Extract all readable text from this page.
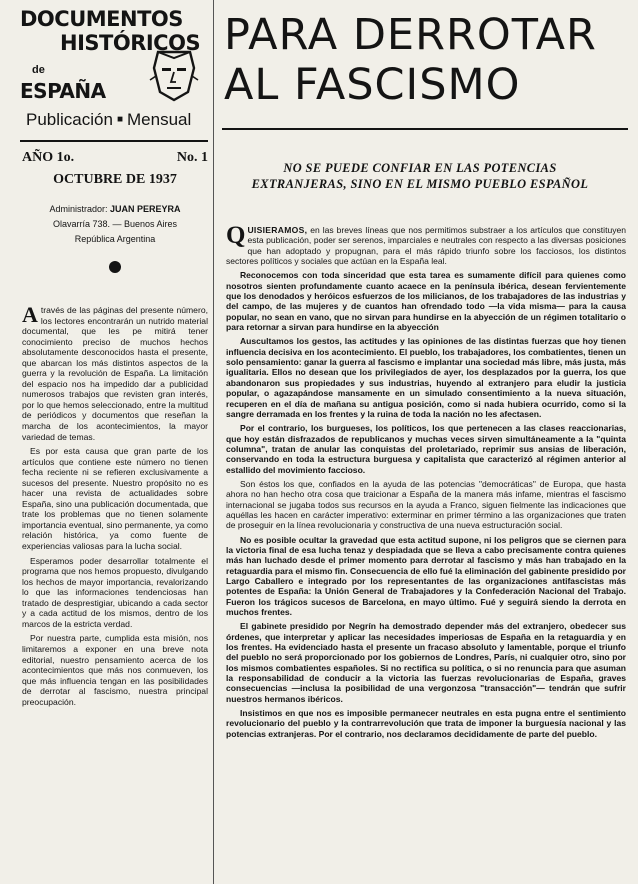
DOCUMENTOS
HISTÓRICOS
de
ESPAÑA
Publicación ■ Mensual
AÑO 1o.	No. 1
OCTUBRE DE 1937
Administrador: JUAN PEREYRA
Olavarría 738. — Buenos Aires
República Argentina

Através de las páginas del presente número, los lectores encontrarán un nutrido material documental, que les pe mitirá tener conocimiento preciso de muchos hechos absolutamente desconocidos hasta el presente, que abarcan los más distintos aspectos de la guerra y la revolución de España. La limitación del espacio nos ha impedido dar a publicidad numerosos trabajos que revisten gran interés, por lo que hemos seleccionado, entre la multitud de periódicos y documentos que reseñan la marcha de los acontecimientos, la mayor variedad de temas.

Es por esta causa que gran parte de los artículos que contiene este número no tienen fecha reciente ni se refieren exclusivamente a sucesos del presente. Nuestro propósito no es hacer una revista de actualidades sobre España, sino una publicación documentada, que trate los problemas que no tienen solamente importancia eventual, sino permanente, ya como relación histórica, ya como fuente de experiencias valiosas para la lucha social.

Esperamos poder desarrollar totalmente el programa que nos hemos propuesto, divulgando los hechos de mayor importancia, revalorizando lo que las informaciones tendenciosas han tratado de desprestigiar, ubicando a cada sector y a cada actitud de los mismos, dentro de los marcos de la estricta verdad.

Por nuestra parte, cumplida esta misión, nos limitaremos a exponer en una breve nota editorial, nuestro pensamiento acerca de los acontecimientos que más nos conmueven, los que más influencia tengan en las posibilidades de derrotar al fascismo, nuestra principal preocupación.

PARA DERROTAR
AL FASCISMO
NO SE PUEDE CONFIAR EN LAS POTENCIAS EXTRANJERAS, SINO EN EL MISMO PUEBLO ESPAÑOL

QUISIERAMOS, en las breves líneas que nos permitimos substraer a los artículos que constituyen esta publicación, poder ser serenos, imparciales e neutrales con respecto a las diversas posiciones que han adoptado y propugnan, para el más rápido triunfo sobre los facciosos, los distintos sectores políticos y sociales que actúan en la España leal.

Reconocemos con toda sinceridad que esta tarea es sumamente difícil para quienes como nosotros sienten profundamente cuanto acaece en la península ibérica, desean fervientemente que los denodados y heróicos esfuerzos de los milicianos, de los trabajadores de las industrias y del campo, de las mujeres y de cuantos han ofrendado todo —la vida misma— para la causa popular, no sean en vano, que no sirvan para hundirse en la abyección de un régimen totalitario o para retornar a sirvan para hundirse en la abyección

Auscultamos los gestos, las actitudes y las opiniones de las distintas fuerzas que hoy tienen influencia decisiva en los acontecimiento. El pueblo, los trabajadores, los combatientes, tienen un solo pensamiento: ganar la guerra al fascismo e implantar una sociedad más libre, más justa, más igualitaria. Ellos no desean que los privilegiados de ayer, los desplazados por la guerra, los que abandonaron sus propiedades y sus industrias, huyendo al extranjero para eludir la justicia popular, o agazapándose mansamente en un simulado consentimiento a la nueva situación, recuperen en el día de mañana su antigua posición, como si nada hubiera ocurrido, como si la sangre derramada en los frentes y la ruina de toda la nación no les afectasen.

Por el contrario, los burgueses, los políticos, los que pertenecen a las clases reaccionarias, que hoy están disfrazados de republicanos y muchas veces sirven simultáneamente a la "quinta columna", tratan de anular las conquistas del proletariado, reprimir sus ansias de liberación, conservando en toda la estructura burguesa y capitalista que caracterizó al régimen anterior al estallido del movimiento faccioso.

Son éstos los que, confiados en la ayuda de las potencias "democráticas" de Europa, que hasta ahora no han hecho otra cosa que traicionar a España de la manera más infame, mientras el fascismo internacional se jugaba todos sus recursos en la ayuda a Franco, siguen fielmente las indicaciones que aquéllas les hacen en carácter imperativo: exterminar en primer término a las organizaciones que traten de proseguir en la línea revolucionaria y constructiva de una nueva estructuración social.

No es posible ocultar la gravedad que esta actitud supone, ni los peligros que se ciernen para la victoria final de esa lucha tenaz y despiadada que se lleva a cabo precisamente contra quienes más han luchado desde el primer momento para derrotar al fascismo y más han trabajado en la retaguardia para el mismo fin. Consecuencia de ello fué la eliminación del gabinente presidido por Largo Caballero e integrado por los representantes de las organizaciones antifascistas más potentes de España: la Unión General de Trabajadores y la Confederación Nacional del Trabajo. Fueron los trágicos sucesos de Barcelona, en mayo último. Fué y seguirá siendo la derrota en muchos frentes.

El gabinete presidido por Negrín ha demostrado depender más del extranjero, obedecer sus órdenes, que interpretar y aplicar las necesidades imperiosas de España en la retaguardia y en los frentes. Ha evidenciado hasta el presente un fracaso absoluto y lamentable, porque el triunfo del pueblo no será proporcionado por los gobiernos de Londres, París, ni cualquier otro, sino por los mismos combatientes españoles. Si no rectifica su política, o si no renuncia para que asuman la responsabilidad de conducir a la victoria las fuerzas revolucionarias de España, graves consecuencias —inclusa la posibilidad de una vergonzosa "transacción"— tendrán que sufrir nuestros hermanos ibéricos.

Insistimos en que nos es imposible permanecer neutrales en esta pugna entre el sentimiento revolucionario del pueblo y la contrarrevolución que trata de imponer la burguesía nacional y las potencias extranjeras. Por el contrario, nos declaramos decididamente de parte del pueblo.
